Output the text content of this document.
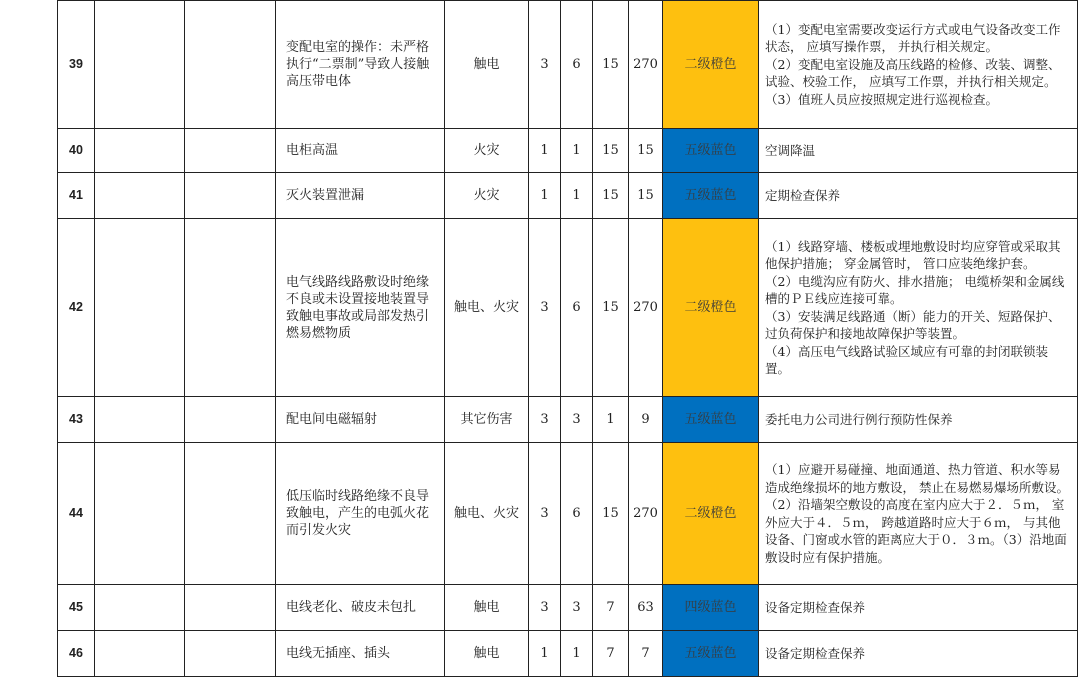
39			变配电室的操作：未严格执行“二票制”导致人接触高压带电体	触电	3	6	15	270	二级橙色	（1）变配电室需要改变运行方式或电气设备改变工作状态， 应填写操作票， 并执行相关规定。

（2）变配电室设施及高压线路的检修、改装、调整、试验、校验工作， 应填写工作票，并执行相关规定。

（3）值班人员应按照规定进行巡视检查。

40			电柜高温	火灾	1	1	15	15	五级蓝色	空调降温

41			灭火装置泄漏	火灾	1	1	15	15	五级蓝色	定期检查保养

42			电气线路线路敷设时绝缘不良或未设置接地装置导致触电事故或局部发热引燃易燃物质	触电、火灾	3	6	15	270	二级橙色	（1）线路穿墙、楼板或埋地敷设时均应穿管或采取其他保护措施； 穿金属管时， 管口应装绝缘护套。

（2）电缆沟应有防火、排水措施； 电缆桥架和金属线槽的ＰＥ线应连接可靠。

（3）安装满足线路通（断）能力的开关、短路保护、过负荷保护和接地故障保护等装置。

（4）高压电气线路试验区域应有可靠的封闭联锁装置。

43			配电间电磁辐射	其它伤害	3	3	1	9	五级蓝色	委托电力公司进行例行预防性保养

44			低压临时线路绝缘不良导致触电，产生的电弧火花而引发火灾	触电、火灾	3	6	15	270	二级橙色	（1）应避开易碰撞、地面通道、热力管道、积水等易造成绝缘损坏的地方敷设， 禁止在易燃易爆场所敷设。

（2）沿墙架空敷设的高度在室内应大于２．５ｍ， 室外应大于４．５ｍ， 跨越道路时应大于６ｍ， 与其他设备、门窗或水管的距离应大于０．３ｍ。（3）沿地面敷设时应有保护措施。

45			电线老化、破皮未包扎	触电	3	3	7	63	四级蓝色	设备定期检查保养

46			电线无插座、插头	触电	1	1	7	7	五级蓝色	设备定期检查保养
